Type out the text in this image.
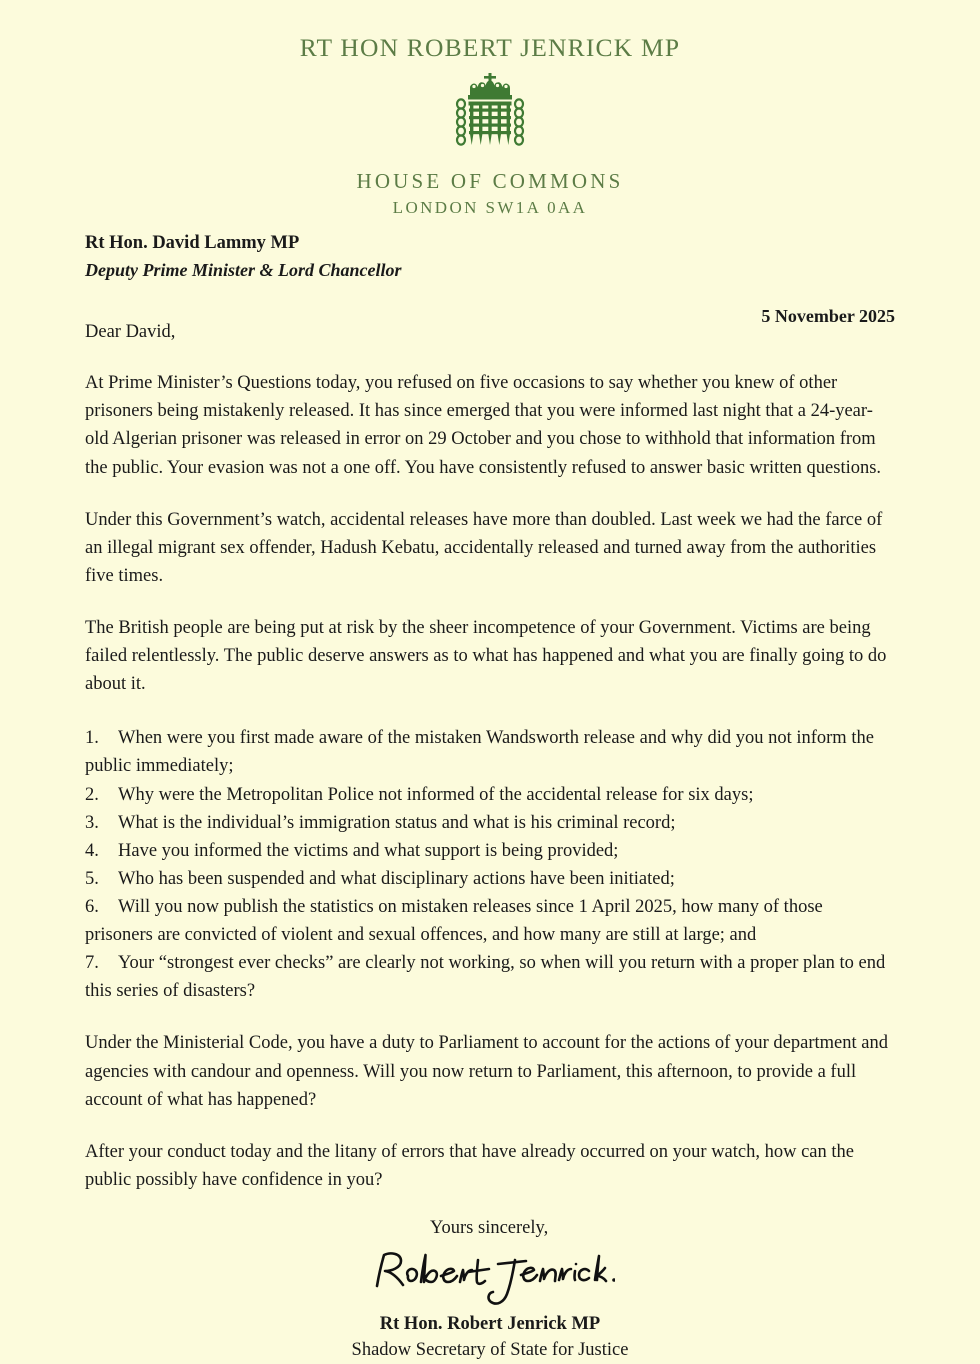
RT HON ROBERT JENRICK MP
HOUSE OF COMMONS
LONDON SW1A 0AA
Rt Hon. David Lammy MP
Deputy Prime Minister & Lord Chancellor
5 November 2025
Dear David,
At Prime Minister’s Questions today, you refused on five occasions to say whether you knew of other prisoners being mistakenly released. It has since emerged that you were informed last night that a 24-year-old Algerian prisoner was released in error on 29 October and you chose to withhold that information from the public. Your evasion was not a one off. You have consistently refused to answer basic written questions.
Under this Government’s watch, accidental releases have more than doubled. Last week we had the farce of an illegal migrant sex offender, Hadush Kebatu, accidentally released and turned away from the authorities five times.
The British people are being put at risk by the sheer incompetence of your Government. Victims are being failed relentlessly. The public deserve answers as to what has happened and what you are finally going to do about it.
1. When were you first made aware of the mistaken Wandsworth release and why did you not inform the public immediately;
2. Why were the Metropolitan Police not informed of the accidental release for six days;
3. What is the individual’s immigration status and what is his criminal record;
4. Have you informed the victims and what support is being provided;
5. Who has been suspended and what disciplinary actions have been initiated;
6. Will you now publish the statistics on mistaken releases since 1 April 2025, how many of those prisoners are convicted of violent and sexual offences, and how many are still at large; and
7. Your “strongest ever checks” are clearly not working, so when will you return with a proper plan to end this series of disasters?
Under the Ministerial Code, you have a duty to Parliament to account for the actions of your department and agencies with candour and openness. Will you now return to Parliament, this afternoon, to provide a full account of what has happened?
After your conduct today and the litany of errors that have already occurred on your watch, how can the public possibly have confidence in you?
Yours sincerely,
Rt Hon. Robert Jenrick MP
Shadow Secretary of State for Justice
